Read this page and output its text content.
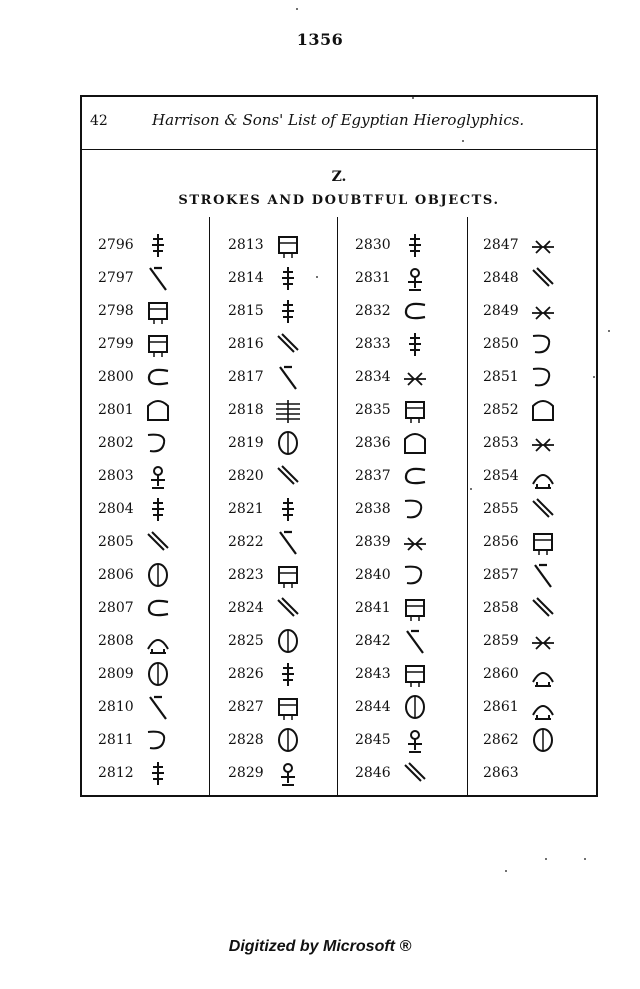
1356
42	Harrison & Sons' List of Egyptian Hieroglyphics.
Z.
STROKES AND DOUBTFUL OBJECTS.
2796
2797
2798
2799
2800
2801
2802
2803
2804
2805
2806
2807
2808
2809
2810
2811
2812
2813
2814
2815
2816
2817
2818
2819
2820
2821
2822
2823
2824
2825
2826
2827
2828
2829
2830
2831
2832
2833
2834
2835
2836
2837
2838
2839
2840
2841
2842
2843
2844
2845
2846
2847
2848
2849
2850
2851
2852
2853
2854
2855
2856
2857
2858
2859
2860
2861
2862
2863
Digitized by Microsoft ®
